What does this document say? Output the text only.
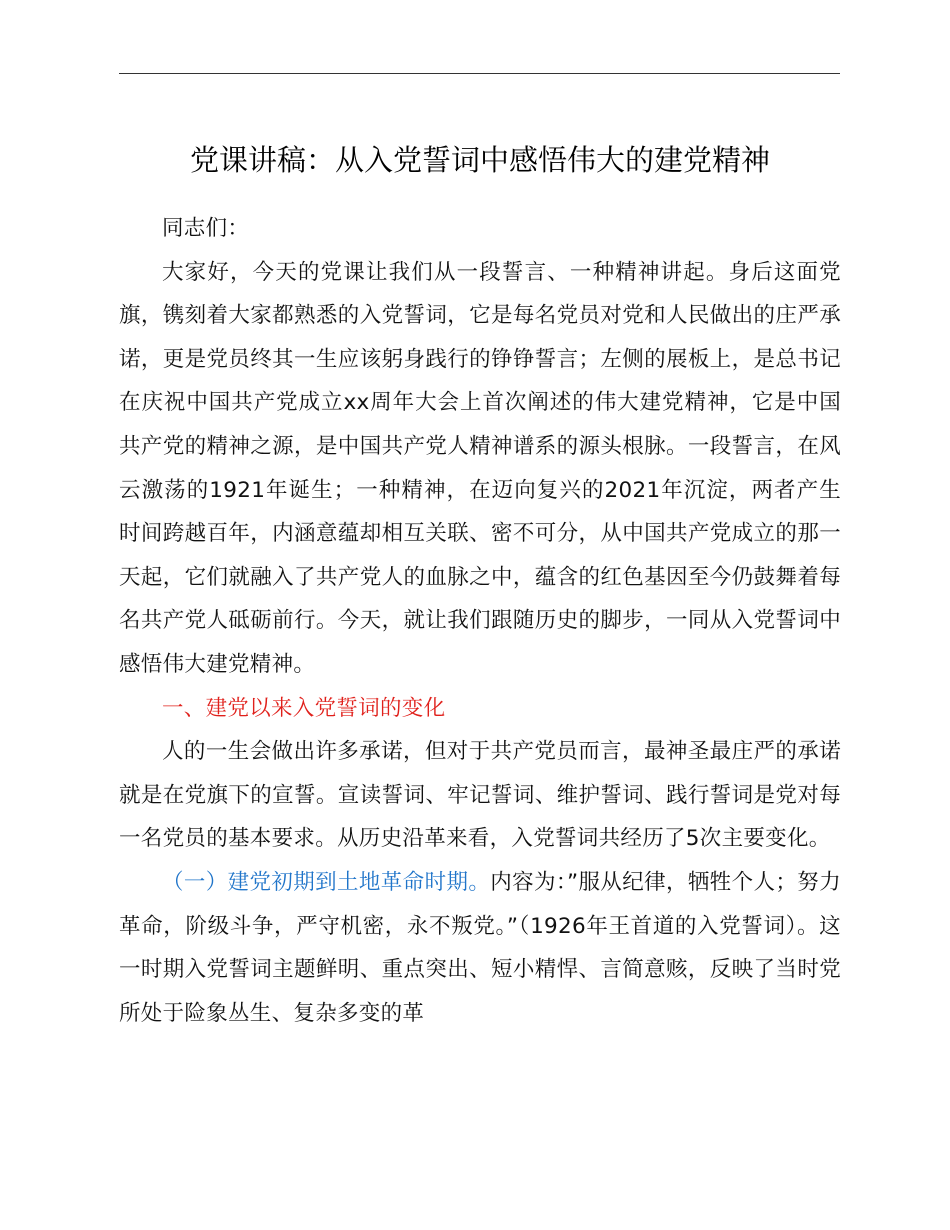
党课讲稿：从入党誓词中感悟伟大的建党精神

同志们：

大家好，今天的党课让我们从一段誓言、一种精神讲起。身后这面党旗，镌刻着大家都熟悉的入党誓词，它是每名党员对党和人民做出的庄严承诺，更是党员终其一生应该躬身践行的铮铮誓言；左侧的展板上，是总书记在庆祝中国共产党成立xx周年大会上首次阐述的伟大建党精神，它是中国共产党的精神之源，是中国共产党人精神谱系的源头根脉。一段誓言，在风云激荡的1921年诞生；一种精神，在迈向复兴的2021年沉淀，两者产生时间跨越百年，内涵意蕴却相互关联、密不可分，从中国共产党成立的那一天起，它们就融入了共产党人的血脉之中，蕴含的红色基因至今仍鼓舞着每名共产党人砥砺前行。今天，就让我们跟随历史的脚步，一同从入党誓词中感悟伟大建党精神。

一、建党以来入党誓词的变化

人的一生会做出许多承诺，但对于共产党员而言，最神圣最庄严的承诺就是在党旗下的宣誓。宣读誓词、牢记誓词、维护誓词、践行誓词是党对每一名党员的基本要求。从历史沿革来看，入党誓词共经历了5次主要变化。

（一）建党初期到土地革命时期。内容为：”服从纪律，牺牲个人；努力革命，阶级斗争，严守机密，永不叛党。”（1926年王首道的入党誓词）。这一时期入党誓词主题鲜明、重点突出、短小精悍、言简意赅，反映了当时党所处于险象丛生、复杂多变的革
